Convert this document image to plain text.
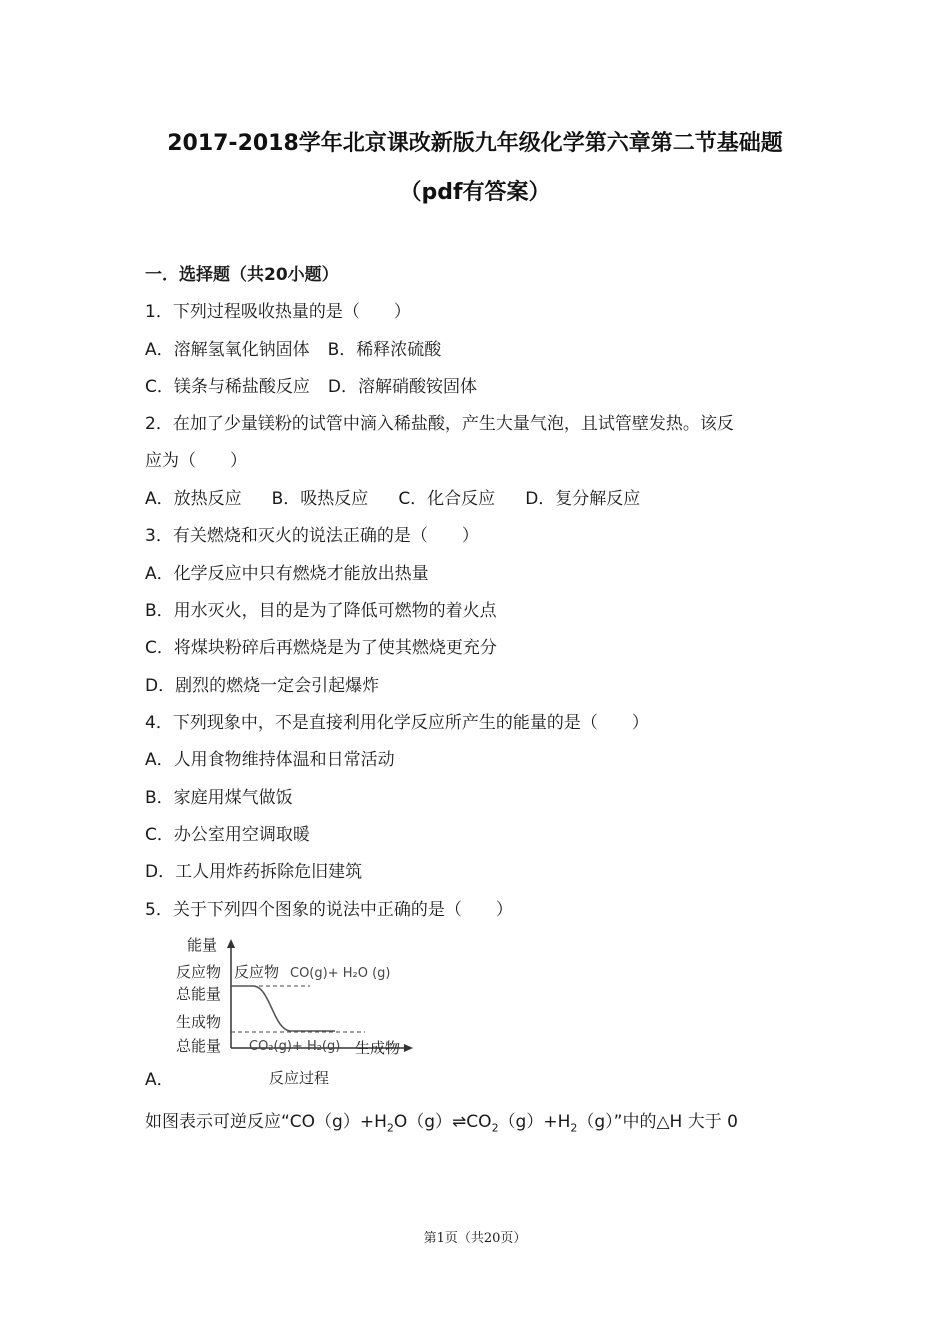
2017-2018学年北京课改新版九年级化学第六章第二节基础题
（pdf有答案）
一．选择题（共20小题）
1．下列过程吸收热量的是（　　）
A．溶解氢氧化钠固体 B．稀释浓硫酸
C．镁条与稀盐酸反应 D．溶解硝酸铵固体
2．在加了少量镁粉的试管中滴入稀盐酸，产生大量气泡，且试管壁发热。该反
应为（　　）
A．放热反应 B．吸热反应 C．化合反应 D．复分解反应
3．有关燃烧和灭火的说法正确的是（　　）
A．化学反应中只有燃烧才能放出热量
B．用水灭火，目的是为了降低可燃物的着火点
C．将煤块粉碎后再燃烧是为了使其燃烧更充分
D．剧烈的燃烧一定会引起爆炸
4．下列现象中，不是直接利用化学反应所产生的能量的是（　　）
A．人用食物维持体温和日常活动
B．家庭用煤气做饭
C．办公室用空调取暖
D．工人用炸药拆除危旧建筑
5．关于下列四个图象的说法中正确的是（　　）
A．
能量
反应物
总能量
生成物
总能量
反应物 CO(g)+ H₂O (g)
CO₂(g)+ H₂(g) 生成物
反应过程
如图表示可逆反应“$CO(g)+H_2O(g)\rightleftharpoons CO_2(g)+H_2(g)$”中的△H 大于 0
第1页（共20页）
